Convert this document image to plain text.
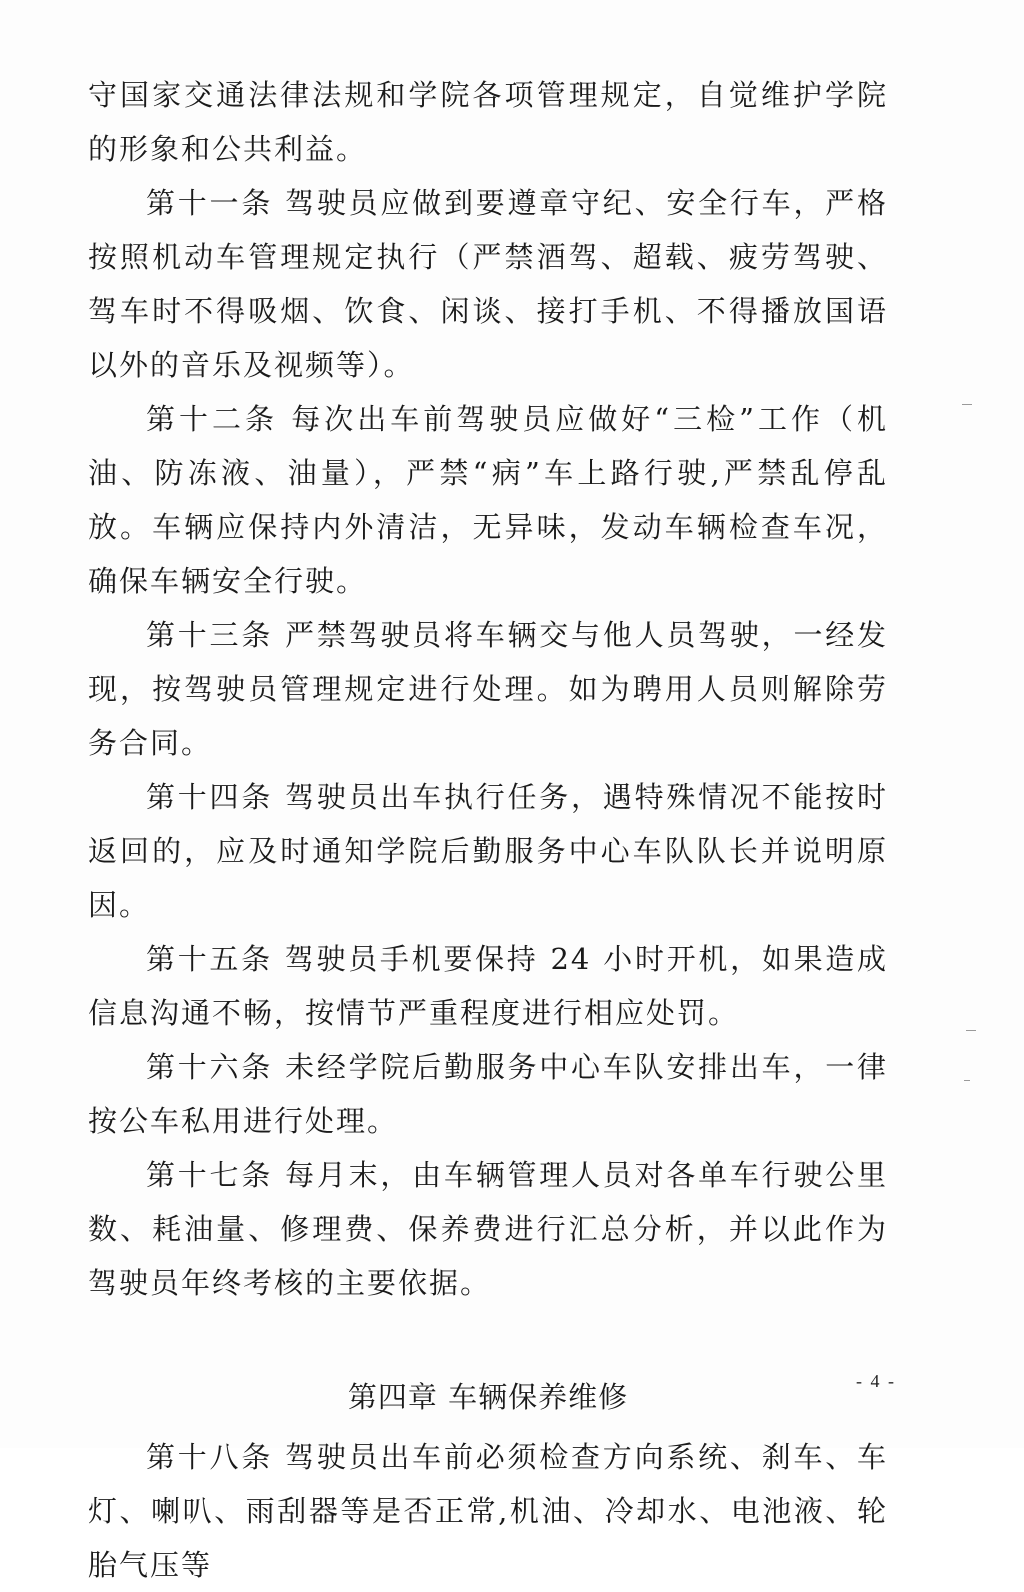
守国家交通法律法规和学院各项管理规定，自觉维护学院的形象和公共利益。

第十一条 驾驶员应做到要遵章守纪、安全行车，严格按照机动车管理规定执行（严禁酒驾、超载、疲劳驾驶、驾车时不得吸烟、饮食、闲谈、接打手机、不得播放国语以外的音乐及视频等）。

第十二条 每次出车前驾驶员应做好“三检”工作（机油、防冻液、油量），严禁“病”车上路行驶,严禁乱停乱放。车辆应保持内外清洁，无异味，发动车辆检查车况，确保车辆安全行驶。

第十三条 严禁驾驶员将车辆交与他人员驾驶，一经发现，按驾驶员管理规定进行处理。如为聘用人员则解除劳务合同。

第十四条 驾驶员出车执行任务，遇特殊情况不能按时返回的，应及时通知学院后勤服务中心车队队长并说明原因。

第十五条 驾驶员手机要保持 24 小时开机，如果造成信息沟通不畅，按情节严重程度进行相应处罚。

第十六条 未经学院后勤服务中心车队安排出车，一律按公车私用进行处理。

第十七条 每月末，由车辆管理人员对各单车行驶公里数、耗油量、修理费、保养费进行汇总分析，并以此作为驾驶员年终考核的主要依据。

第四章 车辆保养维修

第十八条 驾驶员出车前必须检查方向系统、刹车、车灯、喇叭、雨刮器等是否正常,机油、冷却水、电池液、轮胎气压等

- 4 -
